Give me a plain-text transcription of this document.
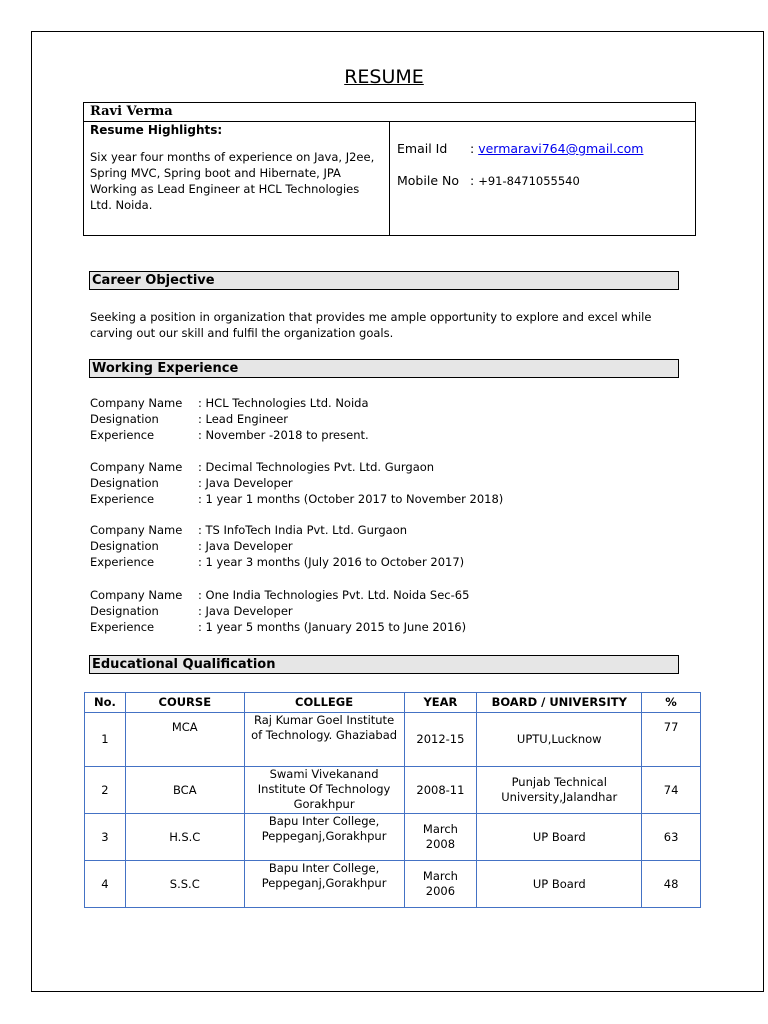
RESUME
Ravi Verma
Resume Highlights:
Six year four months of experience on Java, J2ee, Spring MVC, Spring boot and Hibernate, JPA Working as Lead Engineer at HCL Technologies Ltd. Noida.
Email Id : vermaravi764@gmail.com
Mobile No : +91-8471055540
Career Objective
Seeking a position in organization that provides me ample opportunity to explore and excel while carving out our skill and fulfil the organization goals.
Working Experience
Company Name : HCL Technologies Ltd. Noida
Designation	: Lead Engineer
Experience	: November -2018 to present.
Company Name : Decimal Technologies Pvt. Ltd. Gurgaon
Designation	: Java Developer
Experience	: 1 year 1 months (October 2017 to November 2018)
Company Name : TS InfoTech India Pvt. Ltd. Gurgaon
Designation	: Java Developer
Experience	: 1 year 3 months (July 2016 to October 2017)
Company Name : One India Technologies Pvt. Ltd. Noida Sec-65
Designation	: Java Developer
Experience	: 1 year 5 months (January 2015 to June 2016)
Educational Qualification
No.	COURSE	COLLEGE	YEAR	BOARD / UNIVERSITY	%
1	MCA	Raj Kumar Goel Institute of Technology. Ghaziabad	2012-15	UPTU,Lucknow	77
2	BCA	Swami Vivekanand Institute Of Technology Gorakhpur	2008-11	Punjab Technical University,Jalandhar	74
3	H.S.C	Bapu Inter College, Peppeganj,Gorakhpur	March 2008	UP Board	63
4	S.S.C	Bapu Inter College, Peppeganj,Gorakhpur	March 2006	UP Board	48
